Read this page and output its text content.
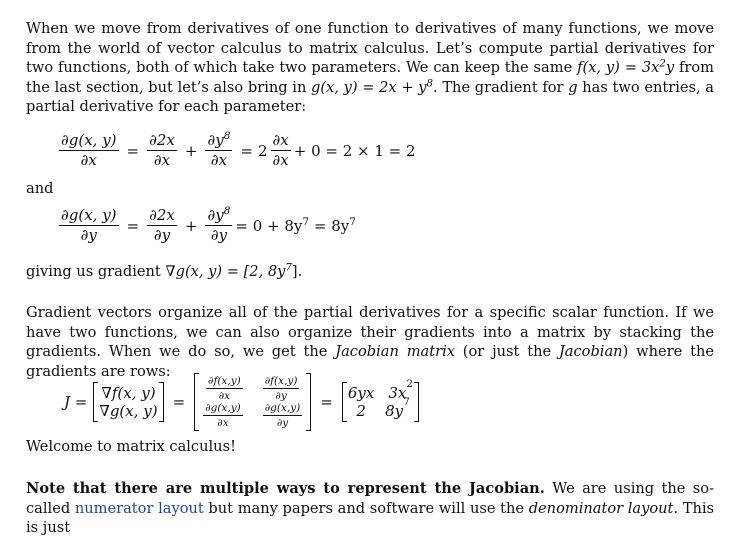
When we move from derivatives of one function to derivatives of many functions, we move from the world of vector calculus to matrix calculus. Let’s compute partial derivatives for two functions, both of which take two parameters. We can keep the same f(x, $y) = 3x^2y$ from the last section, but let’s also bring in g(x, $y) = 2x + y^8$. The gradient for g has two entries, a partial derivative for each parameter:

$\frac{\partial g(x, y)}{\partial x} = \frac{\partial 2x}{\partial x} + \frac{\partial y^8}{\partial x} = 2 \frac{\partial x}{\partial x} + 0 = 2 \times 1 = 2$
and
$\frac{\partial g(x, y)}{\partial y} = \frac{\partial 2x}{\partial y} + \frac{\partial y^8}{\partial y} = 0 + 8y^7 = 8y^7$
giving us gradient ∇g(x, y) = [2, $8y^7$].

Gradient vectors organize all of the partial derivatives for a specific scalar function. If we have two functions, we can also organize their gradients into a matrix by stacking the gradients. When we do so, we get the Jacobian matrix (or just the Jacobian) where the gradients are rows:

J = ∇f(x, y)
∇g(x, $y) = \frac{\partial f(x,y)}{\partial x} \frac{\partial f(x,y)}{\partial y}$
$\frac{\partial g(x,y)}{\partial x} \frac{\partial g(x,y)}{\partial y} = 6yx$ 3x 2
2	8y 7
Welcome to matrix calculus!

Note that there are multiple ways to represent the Jacobian. We are using the so-called numerator layout but many papers and software will use the denominator layout. This is just
